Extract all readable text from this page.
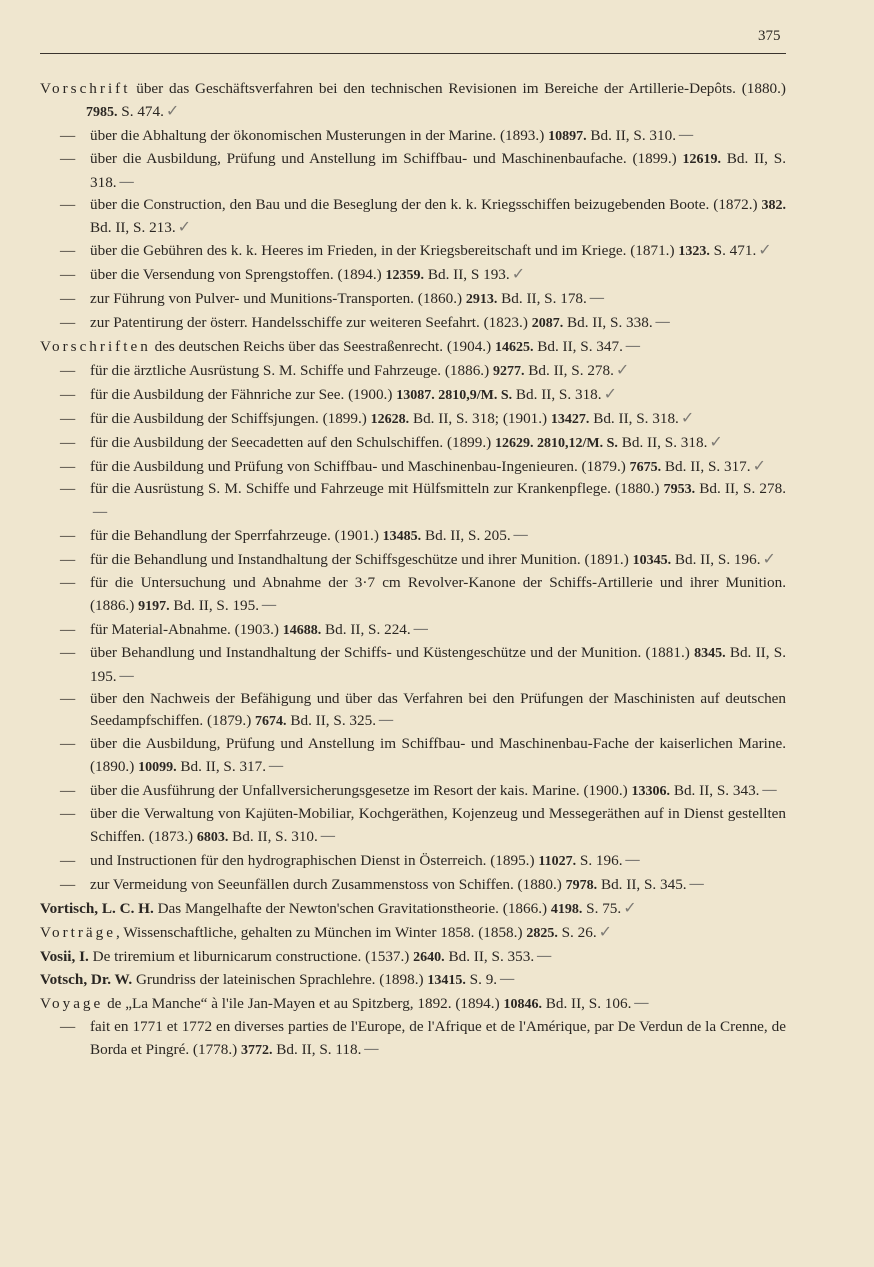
375

Vorschrift über das Geschäftsverfahren bei den technischen Revisionen im Bereiche der Artillerie-Depôts. (1880.) 7985. S. 474. ✓

— über die Abhaltung der ökonomischen Musterungen in der Marine. (1893.) 10897. Bd. II, S. 310. —

— über die Ausbildung, Prüfung und Anstellung im Schiffbau- und Maschinenbaufache. (1899.) 12619. Bd. II, S. 318. —

— über die Construction, den Bau und die Beseglung der den k. k. Kriegsschiffen beizugebenden Boote. (1872.) 382. Bd. II, S. 213. ✓

— über die Gebühren des k. k. Heeres im Frieden, in der Kriegsbereitschaft und im Kriege. (1871.) 1323. S. 471. ✓

— über die Versendung von Sprengstoffen. (1894.) 12359. Bd. II, S 193. ✓

— zur Führung von Pulver- und Munitions-Transporten. (1860.) 2913. Bd. II, S. 178. —

— zur Patentirung der österr. Handelsschiffe zur weiteren Seefahrt. (1823.) 2087. Bd. II, S. 338. —

Vorschriften des deutschen Reichs über das Seestraßenrecht. (1904.) 14625. Bd. II, S. 347. —

— für die ärztliche Ausrüstung S. M. Schiffe und Fahrzeuge. (1886.) 9277. Bd. II, S. 278. ✓

— für die Ausbildung der Fähnriche zur See. (1900.) 13087. 2810,9/M. S. Bd. II, S. 318. ✓

— für die Ausbildung der Schiffsjungen. (1899.) 12628. Bd. II, S. 318; (1901.) 13427. Bd. II, S. 318. ✓

— für die Ausbildung der Seecadetten auf den Schulschiffen. (1899.) 12629. 2810,12/M. S. Bd. II, S. 318. ✓

— für die Ausbildung und Prüfung von Schiffbau- und Maschinenbau-Ingenieuren. (1879.) 7675. Bd. II, S. 317. ✓

— für die Ausrüstung S. M. Schiffe und Fahrzeuge mit Hülfsmitteln zur Krankenpflege. (1880.) 7953. Bd. II, S. 278.—

— für die Behandlung der Sperrfahrzeuge. (1901.) 13485. Bd. II, S. 205. —

— für die Behandlung und Instandhaltung der Schiffsgeschütze und ihrer Munition. (1891.) 10345. Bd. II, S. 196. ✓

— für die Untersuchung und Abnahme der 3·7 cm Revolver-Kanone der Schiffs-Artillerie und ihrer Munition. (1886.) 9197. Bd. II, S. 195. —

— für Material-Abnahme. (1903.) 14688. Bd. II, S. 224. —

— über Behandlung und Instandhaltung der Schiffs- und Küstengeschütze und der Munition. (1881.) 8345. Bd. II, S. 195. —

— über den Nachweis der Befähigung und über das Verfahren bei den Prüfungen der Maschinisten auf deutschen Seedampfschiffen. (1879.) 7674. Bd. II, S. 325. —

— über die Ausbildung, Prüfung und Anstellung im Schiffbau- und Maschinenbau-Fache der kaiserlichen Marine. (1890.) 10099. Bd. II, S. 317. —

— über die Ausführung der Unfallversicherungsgesetze im Resort der kais. Marine. (1900.) 13306. Bd. II, S. 343. —

— über die Verwaltung von Kajüten-Mobiliar, Kochgeräthen, Kojenzeug und Messegeräthen auf in Dienst gestellten Schiffen. (1873.) 6803. Bd. II, S. 310. —

— und Instructionen für den hydrographischen Dienst in Österreich. (1895.) 11027. S. 196. —

— zur Vermeidung von Seeunfällen durch Zusammenstoss von Schiffen. (1880.) 7978. Bd. II, S. 345. —

Vortisch, L. C. H. Das Mangelhafte der Newton'schen Gravitationstheorie. (1866.) 4198. S. 75. ✓

Vorträge, Wissenschaftliche, gehalten zu München im Winter 1858. (1858.) 2825. S. 26. ✓

Vosii, I. De triremium et liburnicarum constructione. (1537.) 2640. Bd. II, S. 353. —

Votsch, Dr. W. Grundriss der lateinischen Sprachlehre. (1898.) 13415. S. 9. —

Voyage de „La Manche“ à l'ile Jan-Mayen et au Spitzberg, 1892. (1894.) 10846. Bd. II, S. 106. —

— fait en 1771 et 1772 en diverses parties de l'Europe, de l'Afrique et de l'Amérique, par De Verdun de la Crenne, de Borda et Pingré. (1778.) 3772. Bd. II, S. 118. —
